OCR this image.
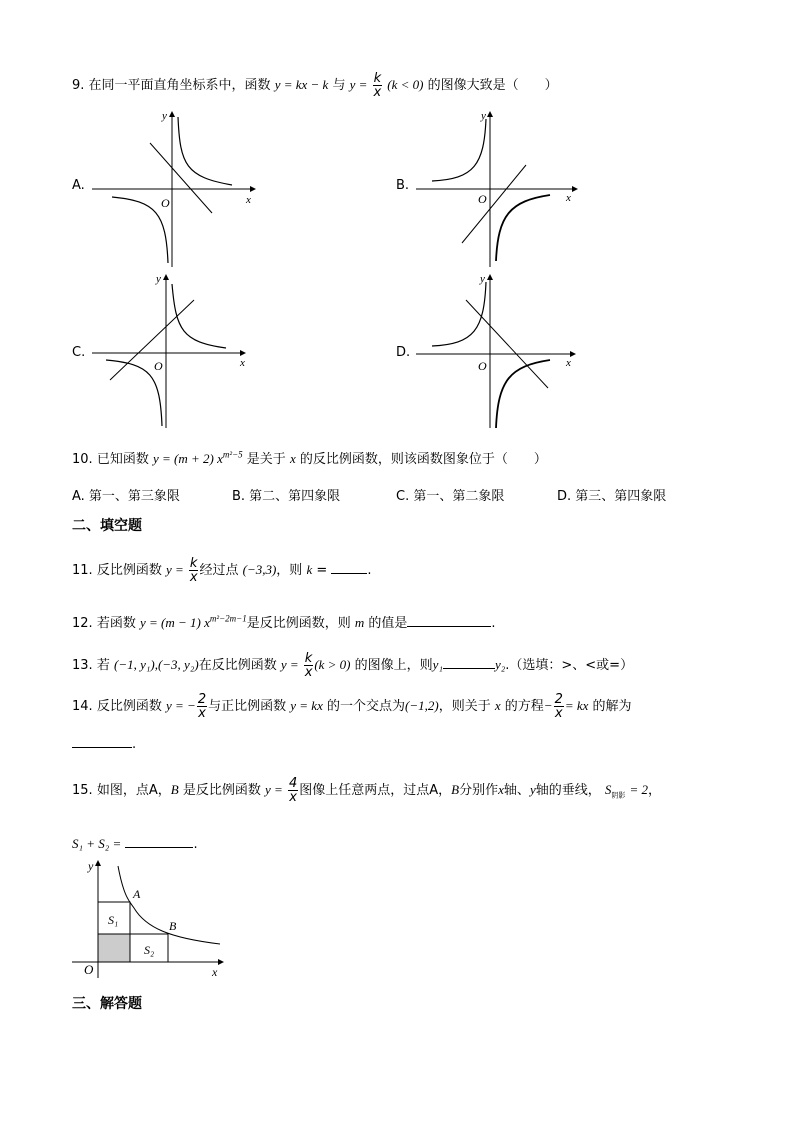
9. 在同一平面直角坐标系中，函数 y = kx − k 与 $y = \frac{k}{x} (k < 0)$ 的图像大致是（　　）
A.
y
x
O
B.
y
x
O
C.
y
x
O
D.
y
x
O
10. 已知函数 y = (m + 2) $x^{m^2-5}$ 是关于 x 的反比例函数，则该函数图象位于（　　）
A. 第一、第三象限	B. 第二、第四象限	C. 第一、第二象限	D. 第三、第四象限
二、填空题
11. 反比例函数 $y = \frac{k}{x}$ 经过点 (−3,3)，则 k =	.
12. 若函数 y = (m − 1) $x^{m^2-2m-1}$是反比例函数，则 m 的值是	.
13. 若 (−1, y₁),(−3, y₂)在反比例函数 $y = \frac{k}{x} (k > 0)$ 的图像上，则y₁	y₂.（选填：>、<或=）
14. 反比例函数 y = − $\frac{2}{x}$ 与正比例函数 y = kx 的一个交点为(−1,2)，则关于 x 的方程− $\frac{2}{x}$ = kx 的解为
.
15. 如图，点A，B 是反比例函数 $y = \frac{4}{x}$ 图像上任意两点，过点A，B分别作x轴、y轴的垂线， $S_{阴影} = 2$，
S₁ + S₂ =	.
y
x
O
A
B
S₁
S₂
三、解答题
